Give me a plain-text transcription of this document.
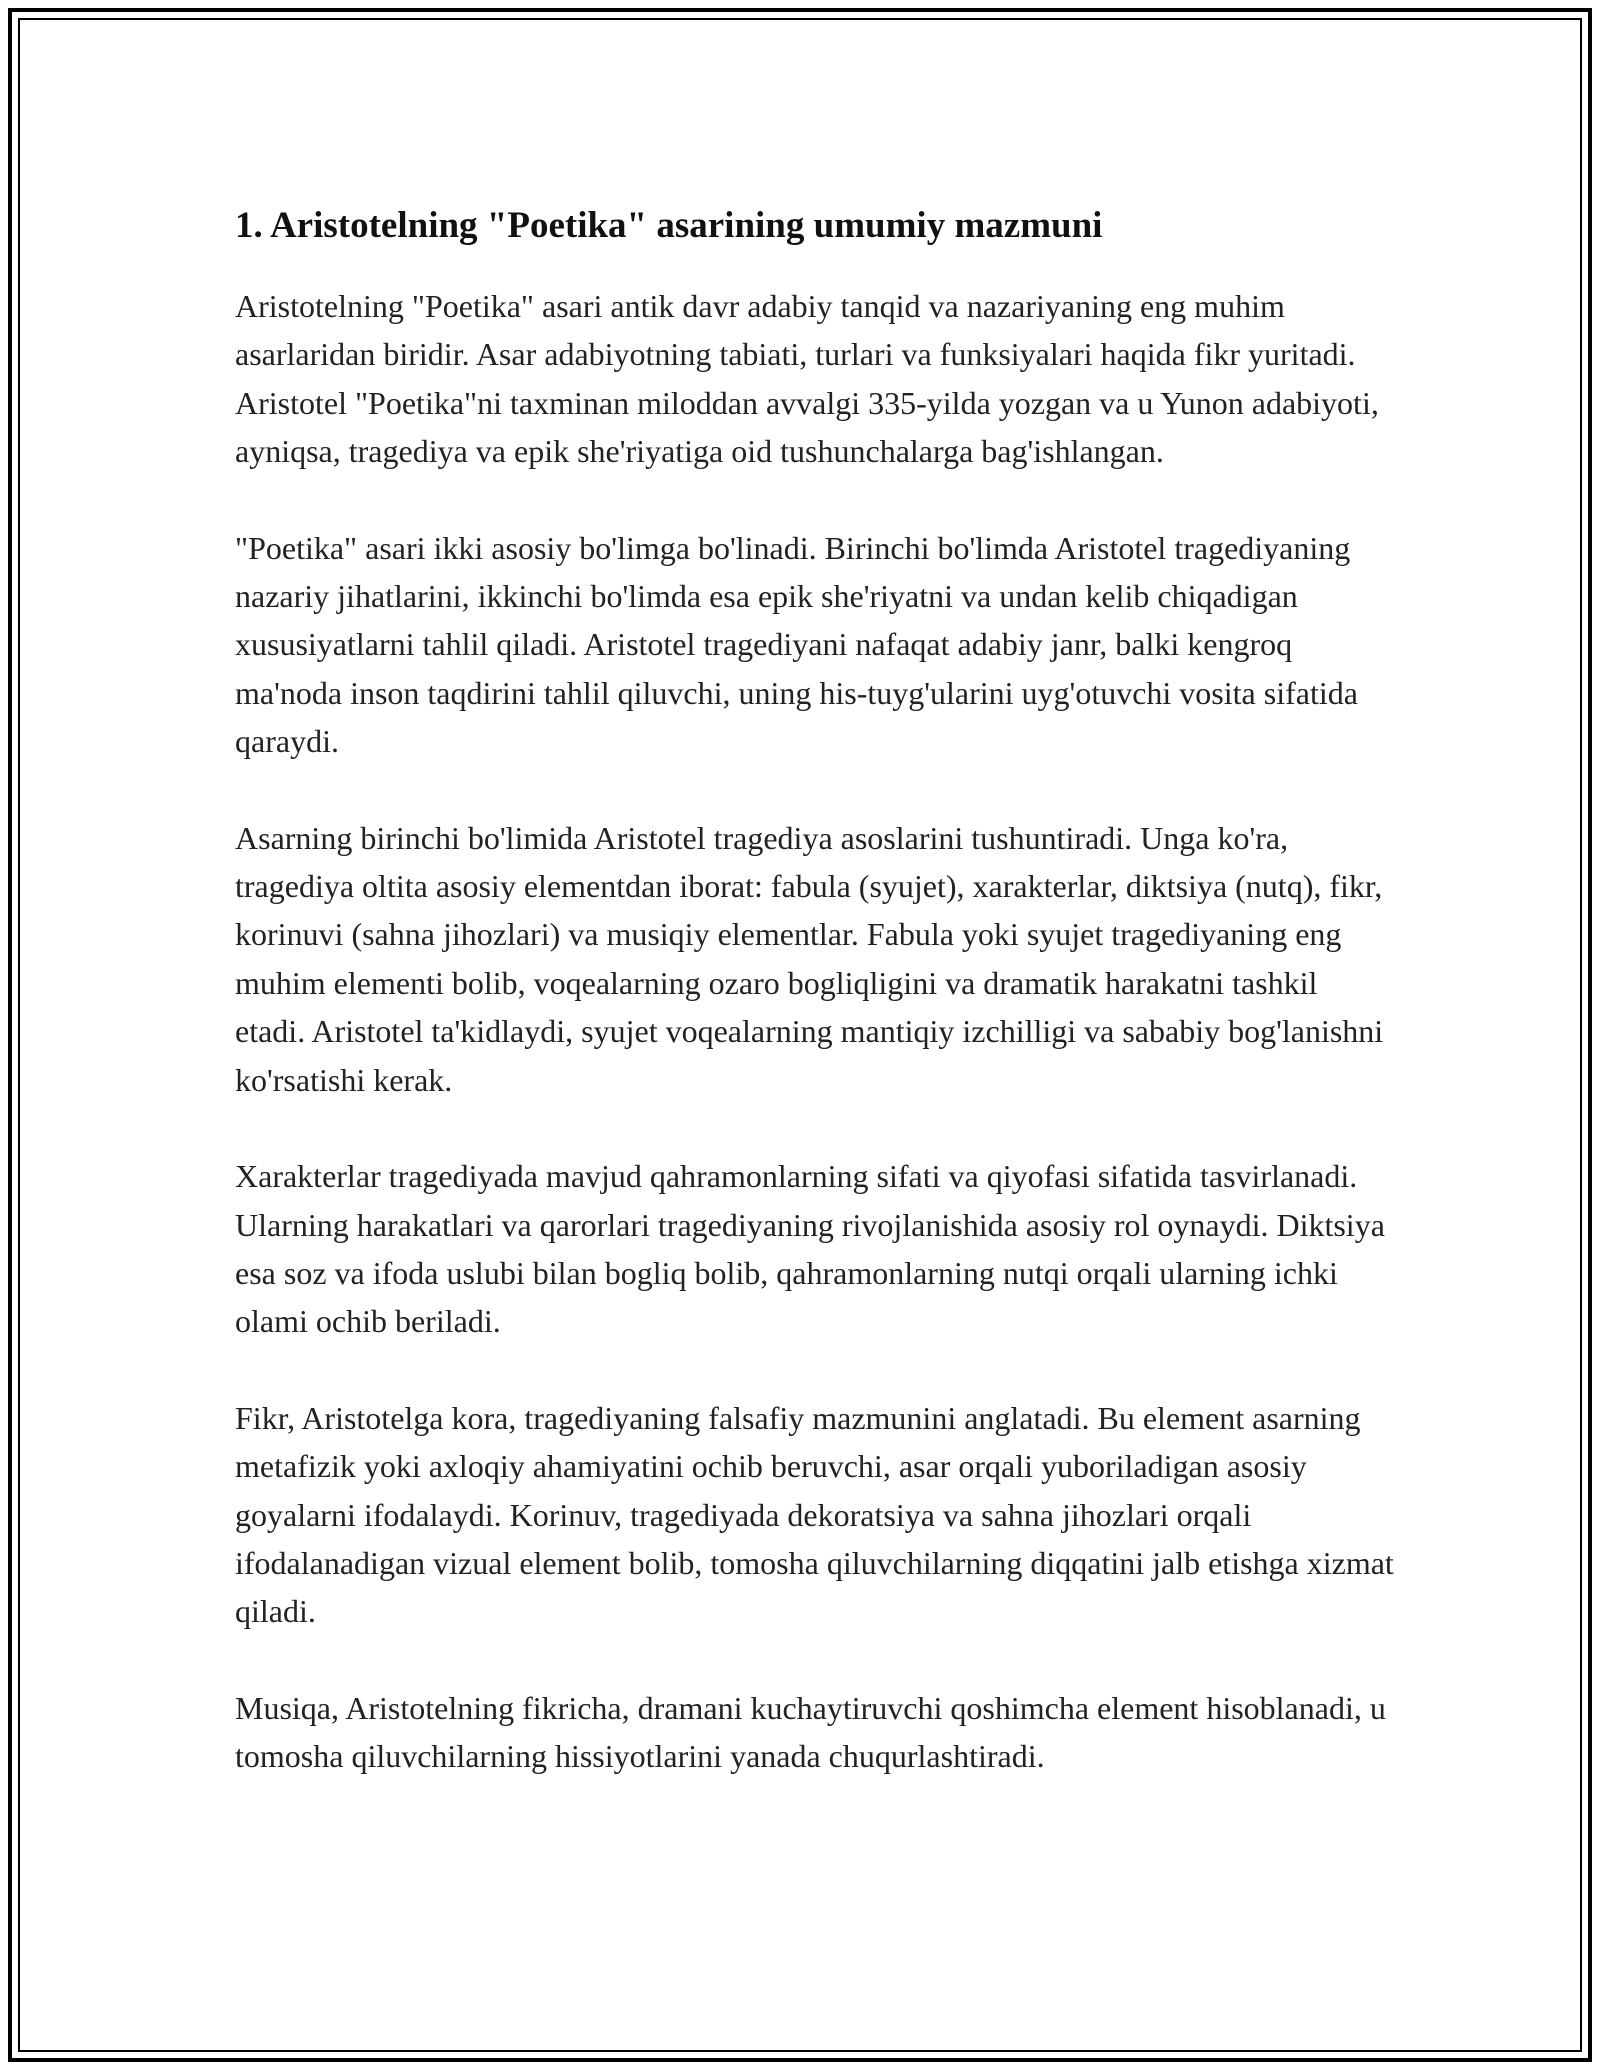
1. Aristotelning "Poetika" asarining umumiy mazmuni

Aristotelning "Poetika" asari antik davr adabiy tanqid va nazariyaning eng muhim asarlaridan biridir. Asar adabiyotning tabiati, turlari va funksiyalari haqida fikr yuritadi. Aristotel "Poetika"ni taxminan miloddan avvalgi 335-yilda yozgan va u Yunon adabiyoti, ayniqsa, tragediya va epik she'riyatiga oid tushunchalarga bag'ishlangan.

"Poetika" asari ikki asosiy bo'limga bo'linadi. Birinchi bo'limda Aristotel tragediyaning nazariy jihatlarini, ikkinchi bo'limda esa epik she'riyatni va undan kelib chiqadigan xususiyatlarni tahlil qiladi. Aristotel tragediyani nafaqat adabiy janr, balki kengroq ma'noda inson taqdirini tahlil qiluvchi, uning his-tuyg'ularini uyg'otuvchi vosita sifatida qaraydi.

Asarning birinchi bo'limida Aristotel tragediya asoslarini tushuntiradi. Unga ko'ra, tragediya oltita asosiy elementdan iborat: fabula (syujet), xarakterlar, diktsiya (nutq), fikr, korinuvi (sahna jihozlari) va musiqiy elementlar. Fabula yoki syujet tragediyaning eng muhim elementi bolib, voqealarning ozaro bogliqligini va dramatik harakatni tashkil etadi. Aristotel ta'kidlaydi, syujet voqealarning mantiqiy izchilligi va sababiy bog'lanishni ko'rsatishi kerak.

Xarakterlar tragediyada mavjud qahramonlarning sifati va qiyofasi sifatida tasvirlanadi. Ularning harakatlari va qarorlari tragediyaning rivojlanishida asosiy rol oynaydi. Diktsiya esa soz va ifoda uslubi bilan bogliq bolib, qahramonlarning nutqi orqali ularning ichki olami ochib beriladi.

Fikr, Aristotelga kora, tragediyaning falsafiy mazmunini anglatadi. Bu element asarning metafizik yoki axloqiy ahamiyatini ochib beruvchi, asar orqali yuboriladigan asosiy goyalarni ifodalaydi. Korinuv, tragediyada dekoratsiya va sahna jihozlari orqali ifodalanadigan vizual element bolib, tomosha qiluvchilarning diqqatini jalb etishga xizmat qiladi.

Musiqa, Aristotelning fikricha, dramani kuchaytiruvchi qoshimcha element hisoblanadi, u tomosha qiluvchilarning hissiyotlarini yanada chuqurlashtiradi.
